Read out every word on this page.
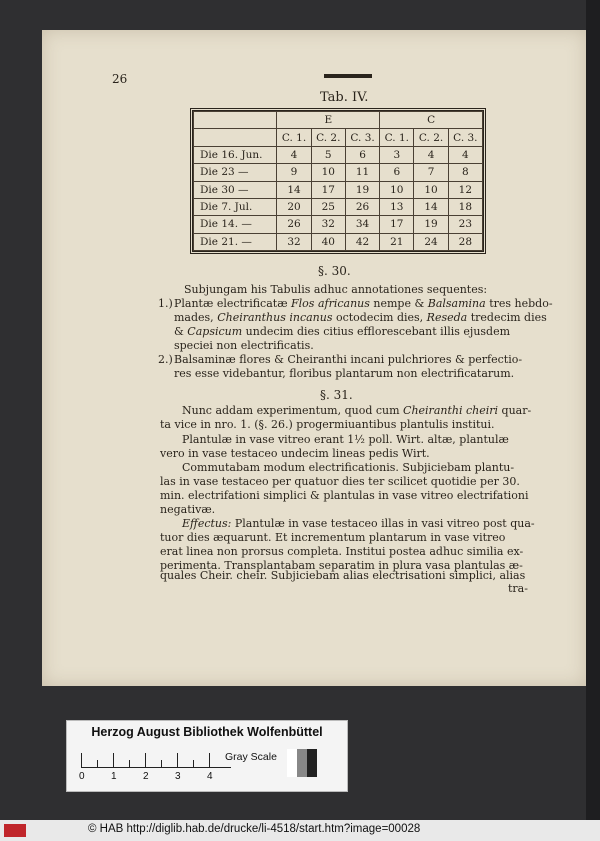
26
Tab. IV.
	E			C		
	C. 1.	C. 2.	C. 3.	C. 1.	C. 2.	C. 3.
Die 16. Jun.	4	5	6	3	4	4
Die 23 —	9	10	11	6	7	8
Die 30 —	14	17	19	10	10	12
Die 7. Jul.	20	25	26	13	14	18
Die 14. —	26	32	34	17	19	23
Die 21. —	32	40	42	21	24	28
§. 30.
Subjungam his Tabulis adhuc annotationes sequentes:
1.) Plantæ electrificatæ Flos africanus nempe & Balsamina tres hebdo-
mades, Cheiranthus incanus octodecim dies, Reseda tredecim dies
& Capsicum undecim dies citius efflorescebant illis ejusdem
speciei non electrificatis.
2.) Balsaminæ flores & Cheiranthi incani pulchriores & perfectio-
res esse videbantur, floribus plantarum non electrificatarum.
§. 31.
Nunc addam experimentum, quod cum Cheiranthi cheiri quar-
ta vice in nro. 1. (§. 26.) progermiuantibus plantulis institui.
Plantulæ in vase vitreo erant 1½ poll. Wirt. altæ, plantulæ
vero in vase testaceo undecim lineas pedis Wirt.
Commutabam modum electrificationis. Subjiciebam plantu-
las in vase testaceo per quatuor dies ter scilicet quotidie per 30.
min. electrifationi simplici & plantulas in vase vitreo electrifationi
negativæ.
Effectus: Plantulæ in vase testaceo illas in vasi vitreo post qua-
tuor dies æquarunt. Et incrementum plantarum in vase vitreo
erat linea non prorsus completa. Institui postea adhuc similia ex-
perimenta. Transplantabam separatim in plura vasa plantulas æ-
quales Cheir. cheir. Subjiciebam alias electrisationi simplici, alias
tra-
Herzog August Bibliothek Wolfenbüttel
0	1	2	3	4
Gray Scale
© HAB http://diglib.hab.de/drucke/li-4518/start.htm?image=00028
